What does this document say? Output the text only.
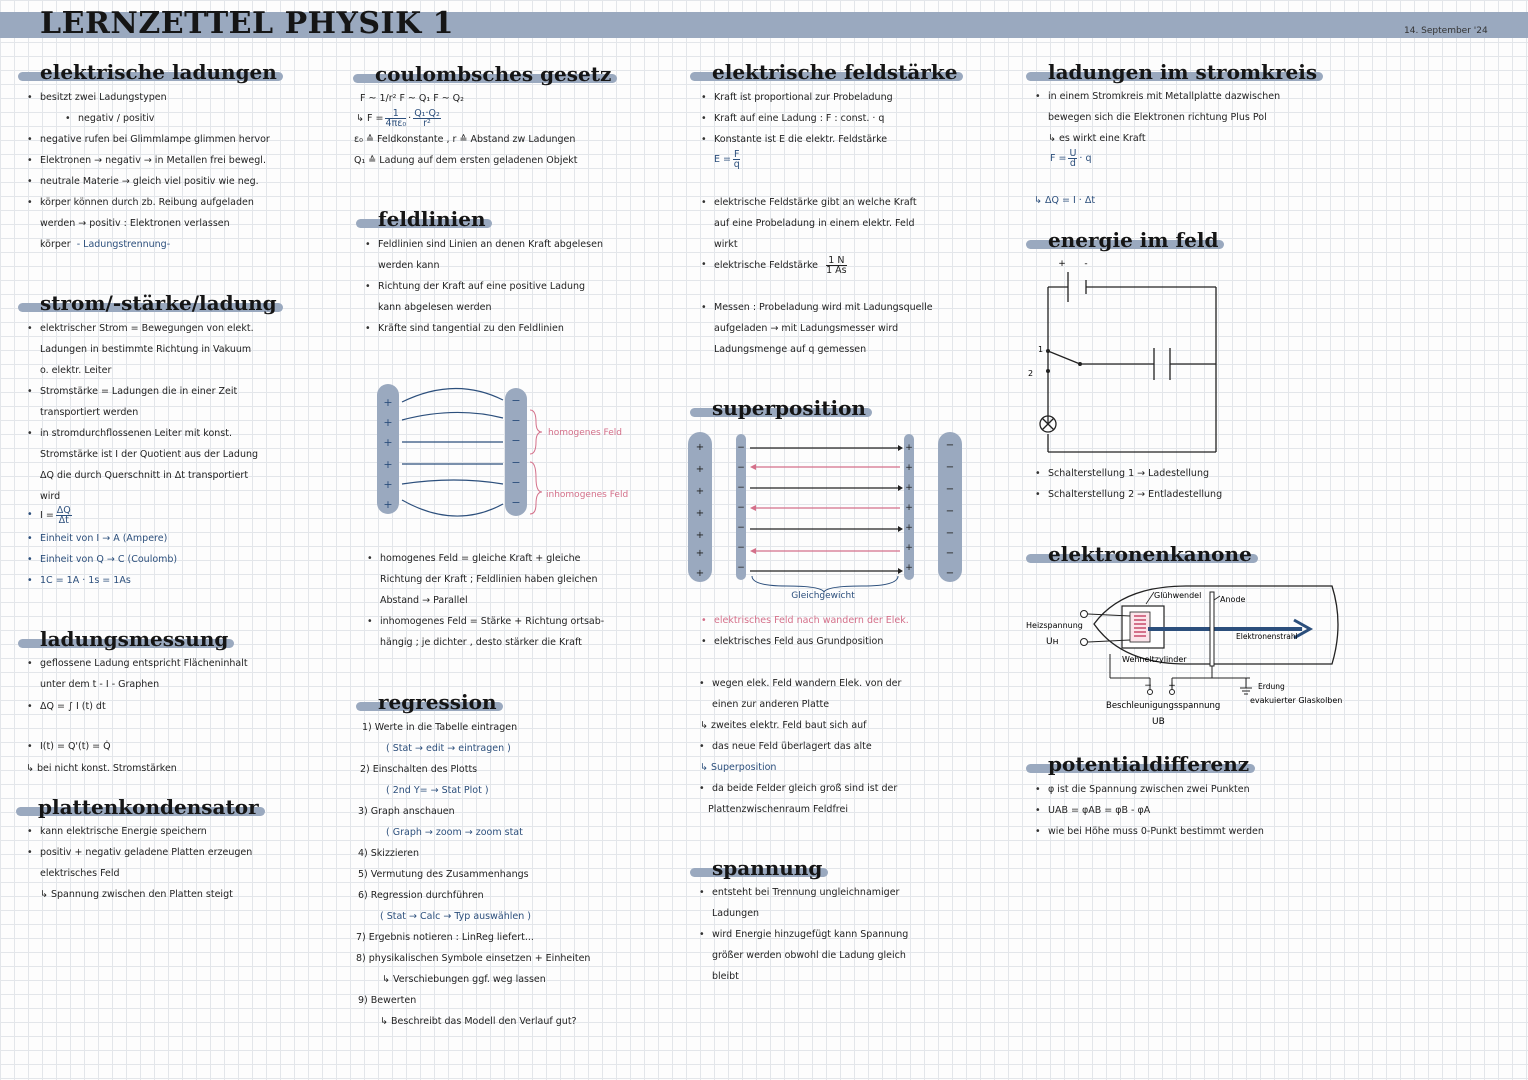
LERNZETTEL PHYSIK 1	14. September '24
elektrische ladungen
• besitzt zwei Ladungstypen
• negativ / positiv
• negative rufen bei Glimmlampe glimmen hervor
• Elektronen → negativ → in Metallen frei bewegl.
• neutrale Materie → gleich viel positiv wie neg.
• körper können durch zb. Reibung aufgeladen
werden → positiv : Elektronen verlassen
körper - Ladungstrennung-
strom/-stärke/ladung
• elektrischer Strom = Bewegungen von elekt.
Ladungen in bestimmte Richtung in Vakuum
o. elektr. Leiter
• Stromstärke = Ladungen die in einer Zeit
transportiert werden
• in stromdurchflossenen Leiter mit konst.
Stromstärke ist I der Quotient aus der Ladung
ΔQ die durch Querschnitt in Δt transportiert
wird
• $I = \frac{\Delta Q}{\Delta t}$
• Einheit von I → A (Ampere)
• Einheit von Q → C (Coulomb)
• 1C = 1A · 1s = 1As
ladungsmessung
• geflossene Ladung entspricht Flächeninhalt
unter dem t - I - Graphen
• ΔQ = ∫ I (t) dt
• I(t) = Q'(t) = Q̇
↳ bei nicht konst. Stromstärken
plattenkondensator
• kann elektrische Energie speichern
• positiv + negativ geladene Platten erzeugen
elektrisches Feld
↳ Spannung zwischen den Platten steigt
coulombsches gesetz
F ~ 1/r² F ~ Q₁ F ~ Q₂
↳ $F = \frac{1}{\text{4πε₀}} \cdot \frac{\text{Q₁·Q₂}}{\text{r²}}$
ε₀ ≙ Feldkonstante , r ≙ Abstand zw Ladungen
Q₁ ≙ Ladung auf dem ersten geladenen Objekt
feldlinien
• Feldlinien sind Linien an denen Kraft abgelesen
werden kann
• Richtung der Kraft auf eine positive Ladung
kann abgelesen werden
• Kräfte sind tangential zu den Feldlinien
+
+
+
+
+
+
−
−
−
−
−
−
homogenes Feld
inhomogenes Feld
• homogenes Feld = gleiche Kraft + gleiche
Richtung der Kraft ; Feldlinien haben gleichen
Abstand → Parallel
• inhomogenes Feld = Stärke + Richtung ortsab-
hängig ; je dichter , desto stärker die Kraft
regression
1) Werte in die Tabelle eintragen
( Stat → edit → eintragen )
2) Einschalten des Plotts
( 2nd Y= → Stat Plot )
3) Graph anschauen
( Graph → zoom → zoom stat
4) Skizzieren
5) Vermutung des Zusammenhangs
6) Regression durchführen
( Stat → Calc → Typ auswählen )
7) Ergebnis notieren : LinReg liefert...
8) physikalischen Symbole einsetzen + Einheiten
↳ Verschiebungen ggf. weg lassen
9) Bewerten
↳ Beschreibt das Modell den Verlauf gut?
elektrische feldstärke
• Kraft ist proportional zur Probeladung
• Kraft auf eine Ladung : F : const. · q
• Konstante ist E die elektr. Feldstärke
$E = \frac{F}{q}$
• elektrische Feldstärke gibt an welche Kraft
auf eine Probeladung in einem elektr. Feld
wirkt
• elektrische Feldstärke $\frac{1 N}{1 As}$
• Messen : Probeladung wird mit Ladungsquelle
aufgeladen → mit Ladungsmesser wird
Ladungsmenge auf q gemessen
superposition
+
+
+
+
+
+
+
−
−
−
−
−
−
−
−
−
−
−
−
−
−
+
+
+
+
+
+
+
Gleichgewicht
• elektrisches Feld nach wandern der Elek.
• elektrisches Feld aus Grundposition
• wegen elek. Feld wandern Elek. von der
einen zur anderen Platte
↳ zweites elektr. Feld baut sich auf
• das neue Feld überlagert das alte
↳ Superposition
• da beide Felder gleich groß sind ist der
Plattenzwischenraum Feldfrei
spannung
• entsteht bei Trennung ungleichnamiger
Ladungen
• wird Energie hinzugefügt kann Spannung
größer werden obwohl die Ladung gleich
bleibt
ladungen im stromkreis
• in einem Stromkreis mit Metallplatte dazwischen
bewegen sich die Elektronen richtung Plus Pol
↳ es wirkt eine Kraft
$F = \frac{U}{d} \cdot q$
↳ ΔQ = I · Δt
energie im feld
+ -
1
2
• Schalterstellung 1 → Ladestellung
• Schalterstellung 2 → Entladestellung
elektronenkanone
Glühwendel Anode
Heizspannung
Uн
Elektronenstrahl
Wehneltzylinder
Erdung
evakuierter Glaskolben
− +
Beschleunigungsspannung
UB
potentialdifferenz
• φ ist die Spannung zwischen zwei Punkten
• UAB = φAB = φB - φA
• wie bei Höhe muss 0-Punkt bestimmt werden
